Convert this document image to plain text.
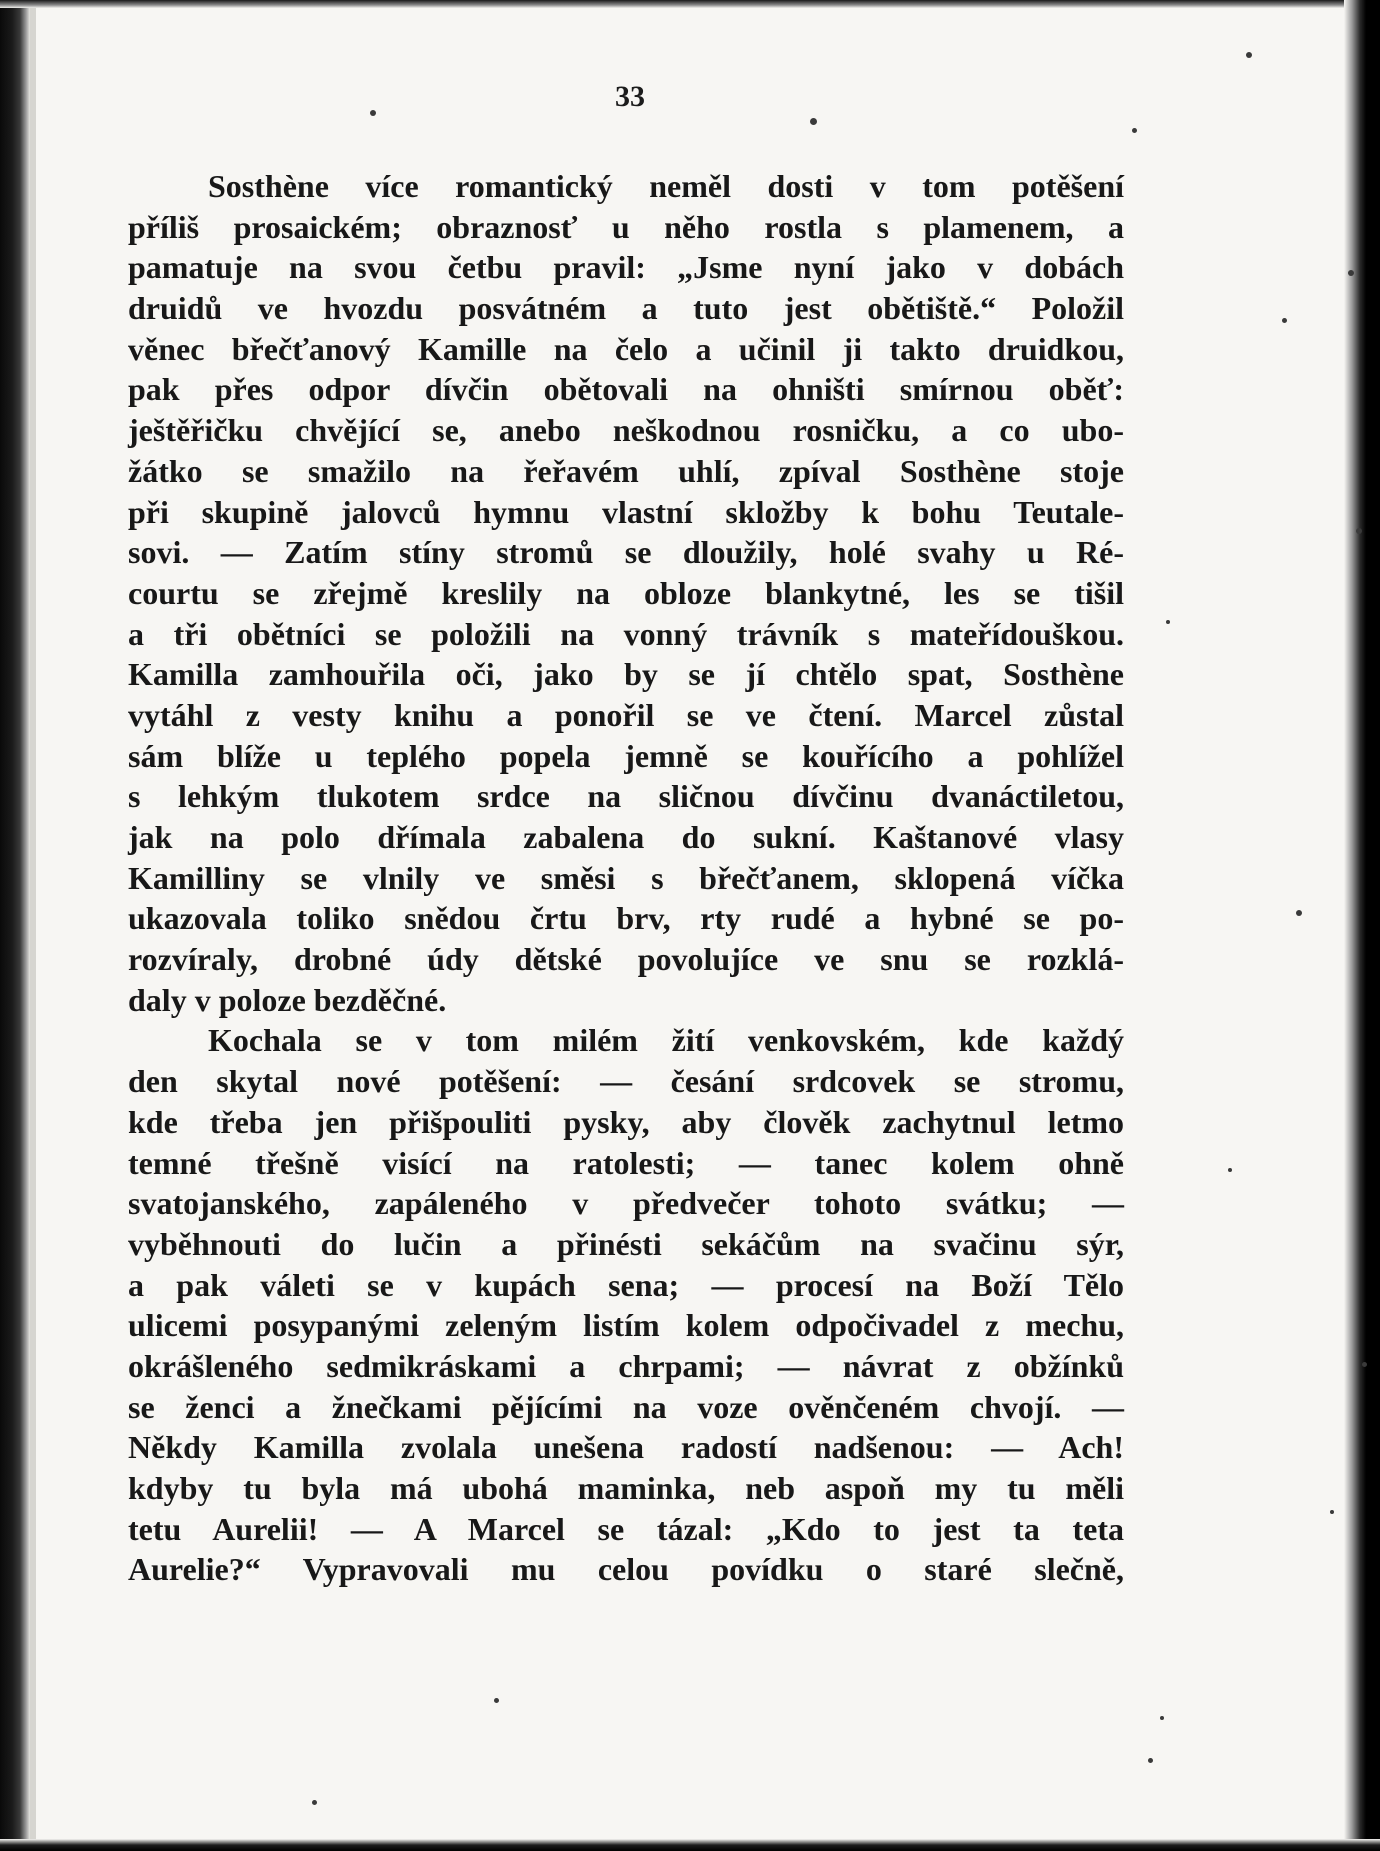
33
Sosthène více romantický neměl dosti v tom potěšení
příliš prosaickém; obraznosť u něho rostla s plamenem, a
pamatuje na svou četbu pravil: „Jsme nyní jako v dobách
druidů ve hvozdu posvátném a tuto jest obětiště.“ Položil
věnec břečťanový Kamille na čelo a učinil ji takto druidkou,
pak přes odpor dívčin obětovali na ohništi smírnou oběť:
ještěřičku chvějící se, anebo neškodnou rosničku, a co ubo-
žátko se smažilo na řeřavém uhlí, zpíval Sosthène stoje
při skupině jalovců hymnu vlastní skložby k bohu Teutale-
sovi. — Zatím stíny stromů se dloužily, holé svahy u Ré-
courtu se zřejmě kreslily na obloze blankytné, les se tišil
a tři obětníci se položili na vonný trávník s mateřídouškou.
Kamilla zamhouřila oči, jako by se jí chtělo spat, Sosthène
vytáhl z vesty knihu a ponořil se ve čtení. Marcel zůstal
sám blíže u teplého popela jemně se kouřícího a pohlížel
s lehkým tlukotem srdce na sličnou dívčinu dvanáctiletou,
jak na polo dřímala zabalena do sukní. Kaštanové vlasy
Kamilliny se vlnily ve směsi s břečťanem, sklopená víčka
ukazovala toliko snědou črtu brv, rty rudé a hybné se po-
rozvíraly, drobné údy dětské povolujíce ve snu se rozklá-
daly v poloze bezděčné.
Kochala se v tom milém žití venkovském, kde každý
den skytal nové potěšení: — česání srdcovek se stromu,
kde třeba jen přišpouliti pysky, aby člověk zachytnul letmo
temné třešně visící na ratolesti; — tanec kolem ohně
svatojanského, zapáleného v předvečer tohoto svátku; —
vyběhnouti do lučin a přinésti sekáčům na svačinu sýr,
a pak váleti se v kupách sena; — procesí na Boží Tělo
ulicemi posypanými zeleným listím kolem odpočivadel z mechu,
okrášleného sedmikráskami a chrpami; — návrat z obžínků
se ženci a žnečkami pějícími na voze ověnčeném chvojí. —
Někdy Kamilla zvolala unešena radostí nadšenou: — Ach!
kdyby tu byla má ubohá maminka, neb aspoň my tu měli
tetu Aurelii! — A Marcel se tázal: „Kdo to jest ta teta
Aurelie?“ Vypravovali mu celou povídku o staré slečně,
